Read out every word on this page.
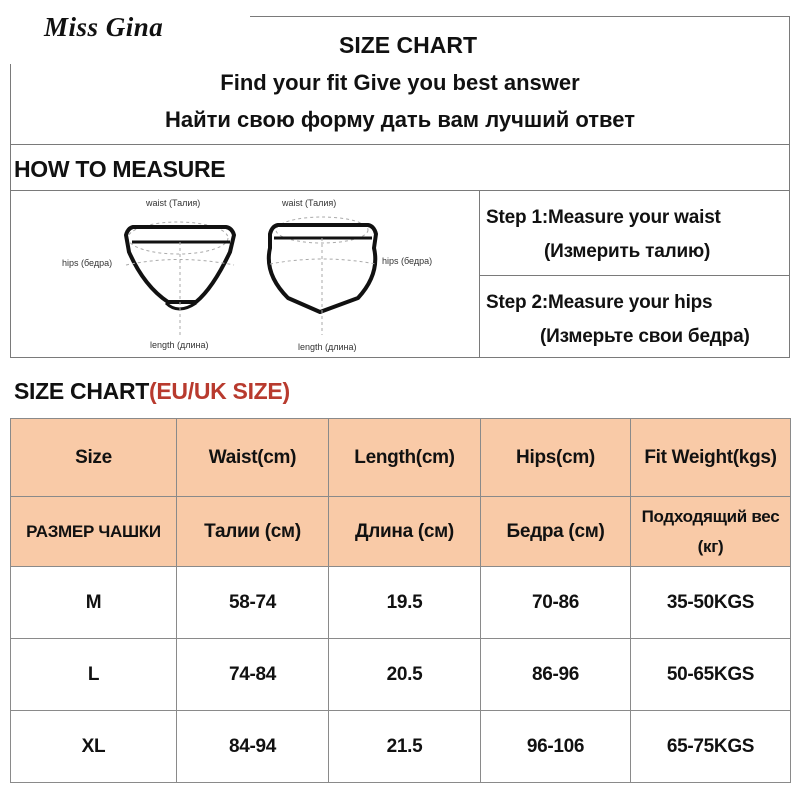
Miss Gina
SIZE CHART
Find your fit Give you best answer
Найти свою форму дать вам лучший ответ
HOW TO MEASURE
waist (Талия)
hips (бедра)
length (длина)
waist (Талия)
hips (бедра)
length (длина)
Step 1:Measure your waist
(Измерить талию)
Step 2:Measure your hips
(Измерьте свои бедра)
SIZE CHART(EU/UK SIZE)
Size	Waist(cm)	Length(cm)	Hips(cm)	Fit Weight(kgs)
РАЗМЕР ЧАШКИ	Талии (см)	Длина (см)	Бедра (см)	Подходящий вес (кг)
M	58-74	19.5	70-86	35-50KGS
L	74-84	20.5	86-96	50-65KGS
XL	84-94	21.5	96-106	65-75KGS
